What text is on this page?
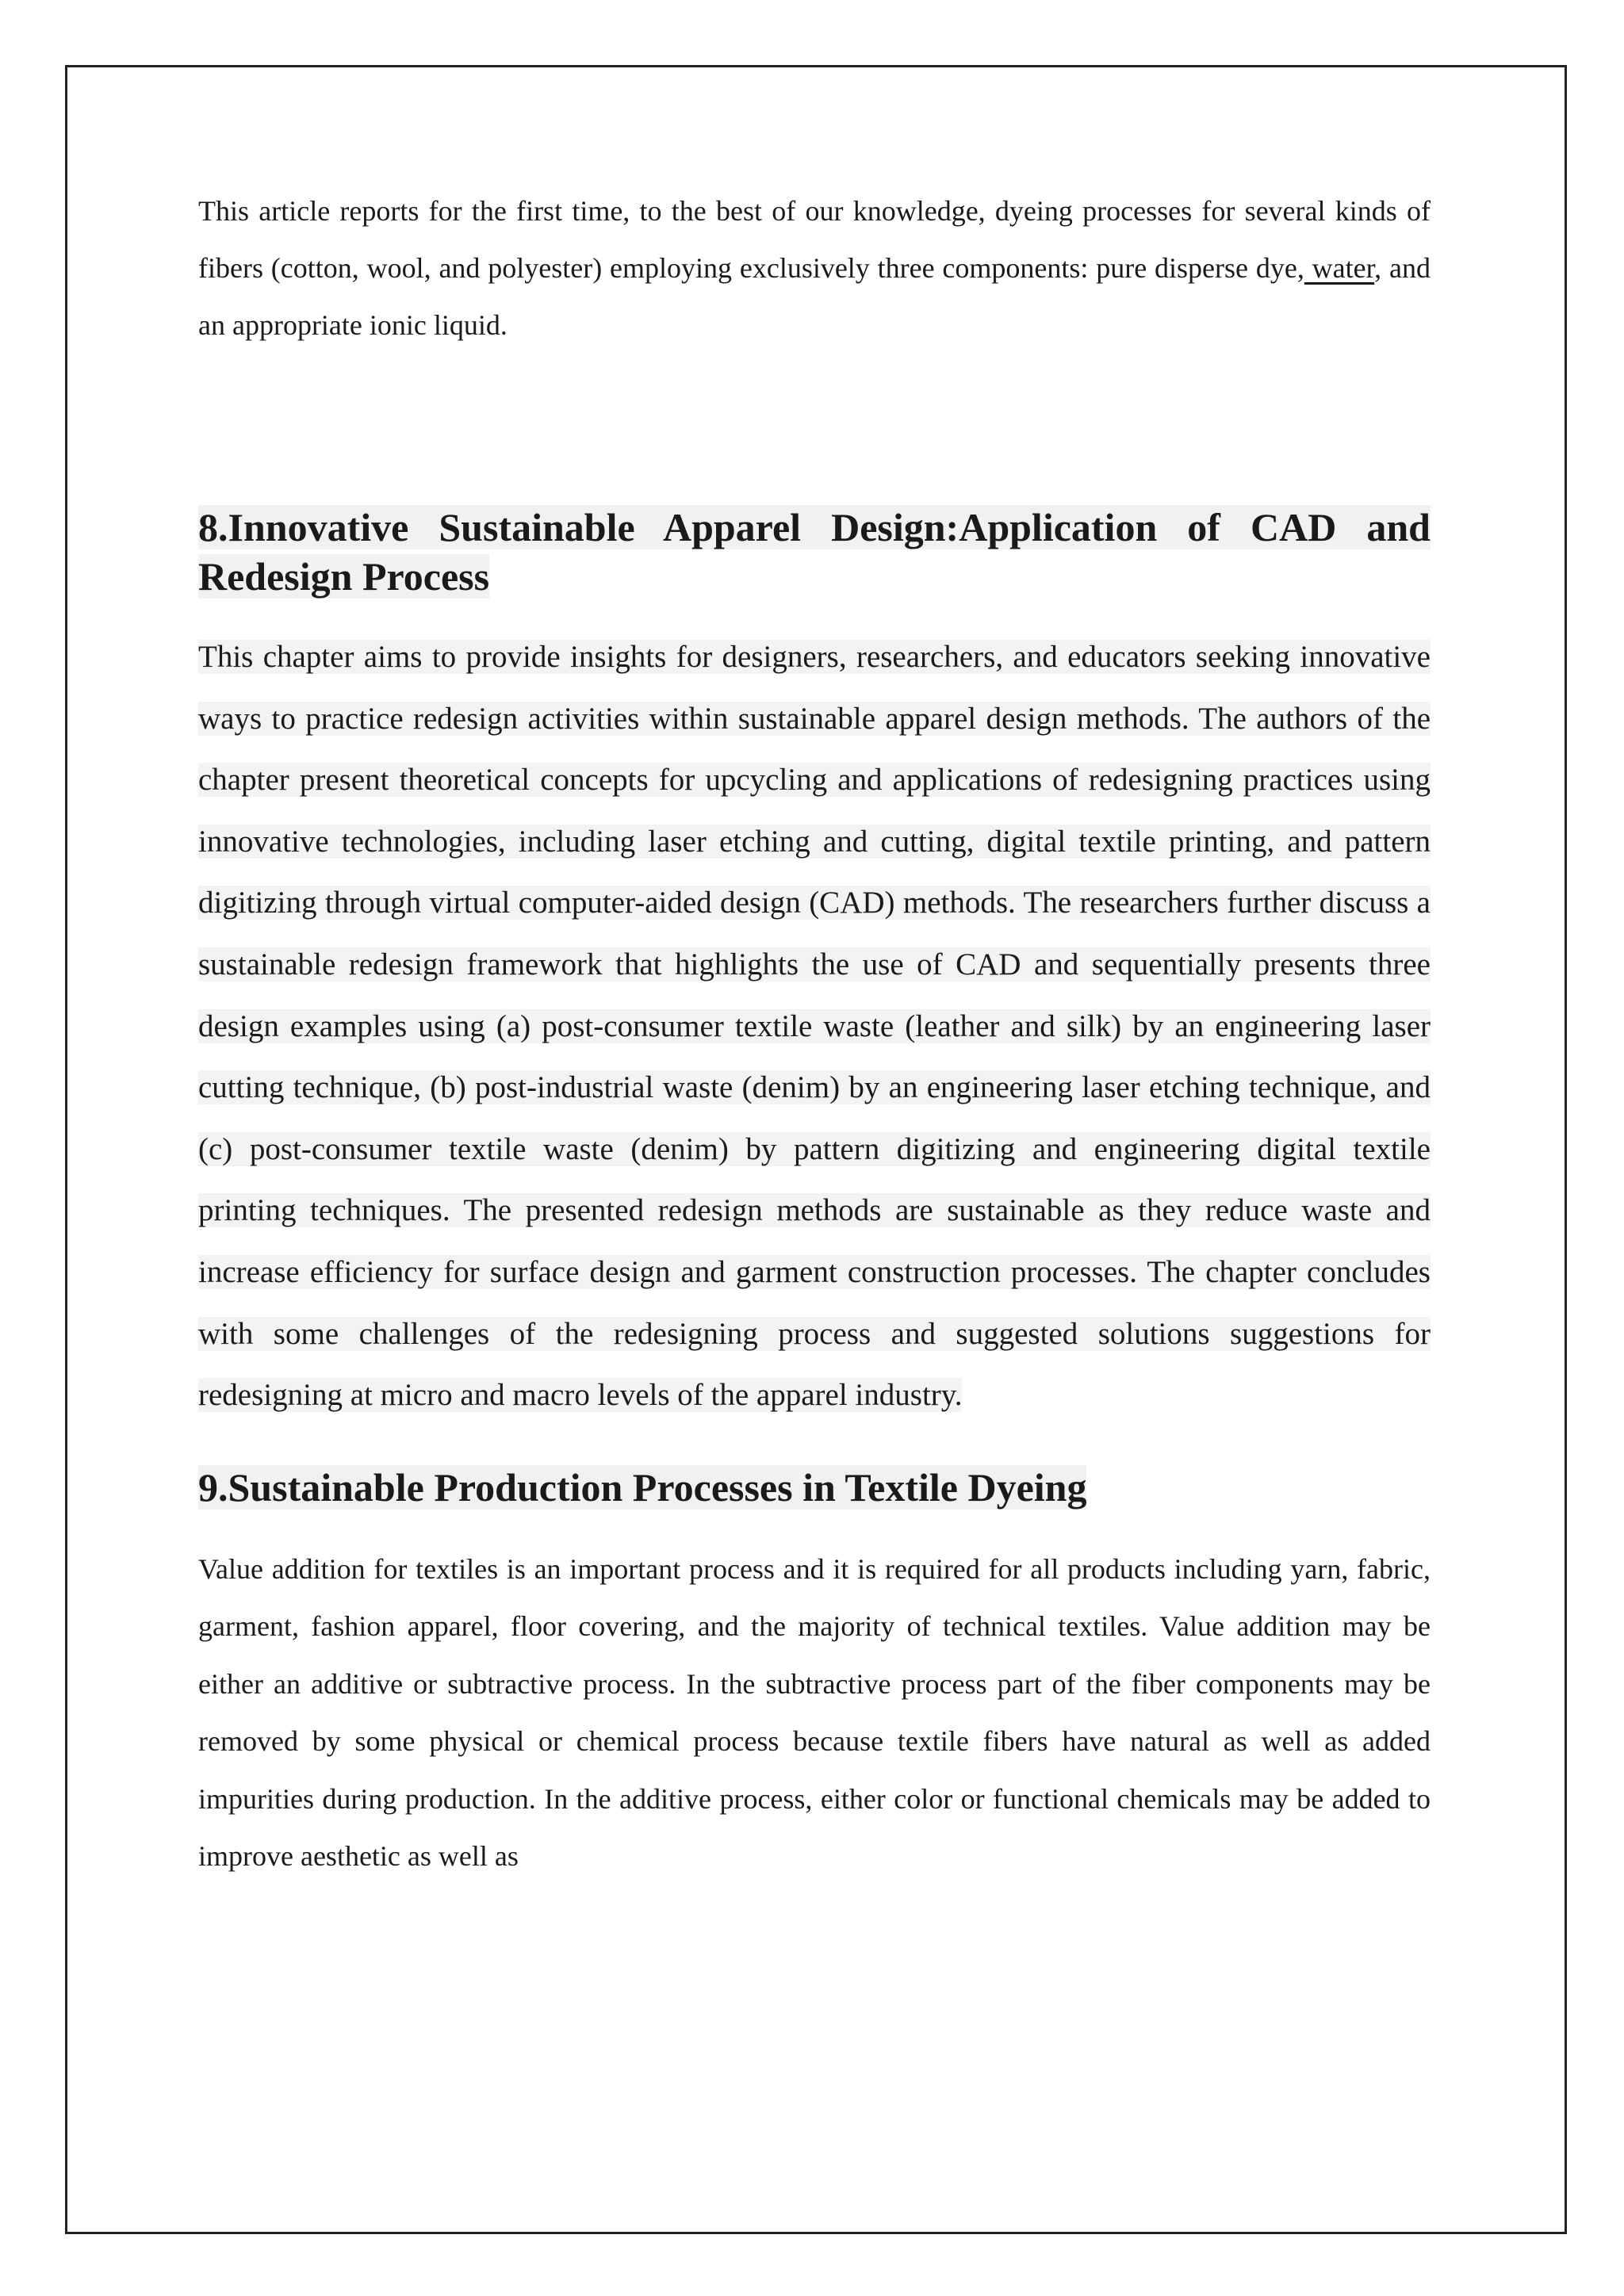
This article reports for the first time, to the best of our knowledge, dyeing processes for several kinds of fibers (cotton, wool, and polyester) employing exclusively three components: pure disperse dye, water, and an appropriate ionic liquid.

8.Innovative Sustainable Apparel Design:Application of CAD and Redesign Process

This chapter aims to provide insights for designers, researchers, and educators seeking innovative ways to practice redesign activities within sustainable apparel design methods. The authors of the chapter present theoretical concepts for upcycling and applications of redesigning practices using innovative technologies, including laser etching and cutting, digital textile printing, and pattern digitizing through virtual computer-aided design (CAD) methods. The researchers further discuss a sustainable redesign framework that highlights the use of CAD and sequentially presents three design examples using (a) post-consumer textile waste (leather and silk) by an engineering laser cutting technique, (b) post-industrial waste (denim) by an engineering laser etching technique, and (c) post-consumer textile waste (denim) by pattern digitizing and engineering digital textile printing techniques. The presented redesign methods are sustainable as they reduce waste and increase efficiency for surface design and garment construction processes. The chapter concludes with some challenges of the redesigning process and suggested solutions suggestions for redesigning at micro and macro levels of the apparel industry.

9.Sustainable Production Processes in Textile Dyeing

Value addition for textiles is an important process and it is required for all products including yarn, fabric, garment, fashion apparel, floor covering, and the majority of technical textiles. Value addition may be either an additive or subtractive process. In the subtractive process part of the fiber components may be removed by some physical or chemical process because textile fibers have natural as well as added impurities during production. In the additive process, either color or functional chemicals may be added to improve aesthetic as well as
